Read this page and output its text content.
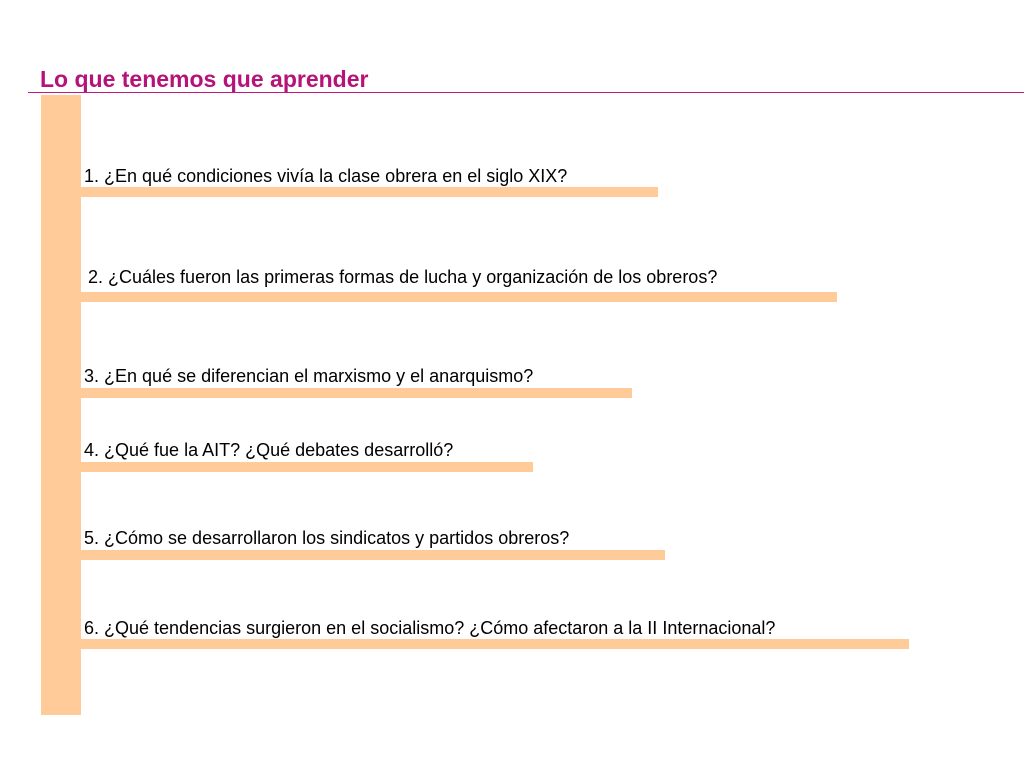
Lo que tenemos que aprender
1. ¿En qué condiciones vivía la clase obrera en el siglo XIX?
2. ¿Cuáles fueron las primeras formas de lucha y organización de los obreros?
3. ¿En qué se diferencian el marxismo y el anarquismo?
4. ¿Qué fue la AIT? ¿Qué debates desarrolló?
5. ¿Cómo se desarrollaron los sindicatos y partidos obreros?
6. ¿Qué tendencias surgieron en el socialismo? ¿Cómo afectaron a la II Internacional?
